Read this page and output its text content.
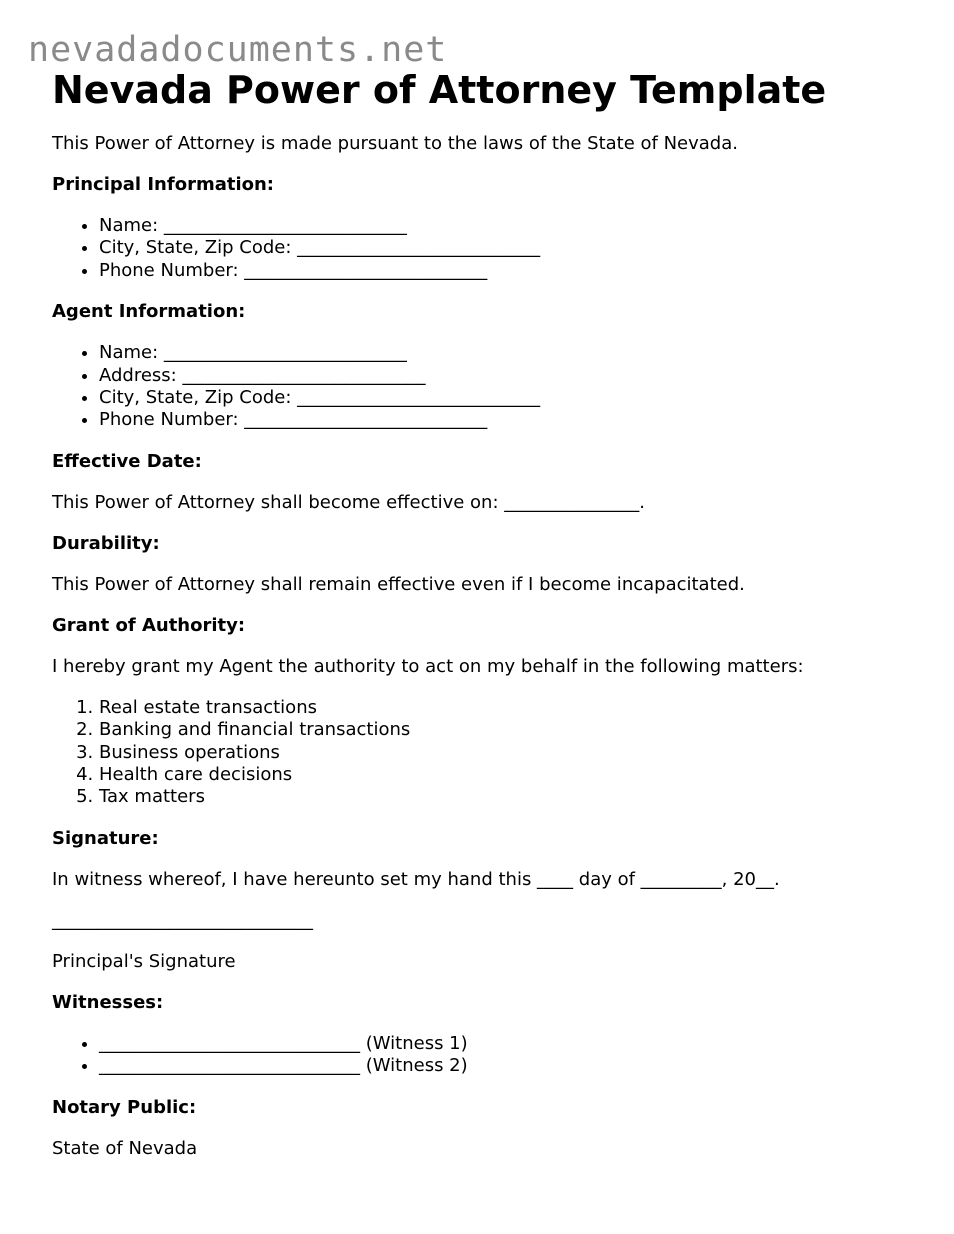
nevadadocuments.net
Nevada Power of Attorney Template

This Power of Attorney is made pursuant to the laws of the State of Nevada.

Principal Information:
• Name: ___________________________
• City, State, Zip Code: ___________________________
• Phone Number: ___________________________
Agent Information:
• Name: ___________________________
• Address: ___________________________
• City, State, Zip Code: ___________________________
• Phone Number: ___________________________
Effective Date:

This Power of Attorney shall become effective on: _______________.

Durability:

This Power of Attorney shall remain effective even if I become incapacitated.

Grant of Authority:

I hereby grant my Agent the authority to act on my behalf in the following matters:

1. Real estate transactions
2. Banking and financial transactions
3. Business operations
4. Health care decisions
5. Tax matters
Signature:

In witness whereof, I have hereunto set my hand this ____ day of _________, 20__.

_____________________________

Principal's Signature

Witnesses:
• _____________________________ (Witness 1)
• _____________________________ (Witness 2)
Notary Public:

State of Nevada
